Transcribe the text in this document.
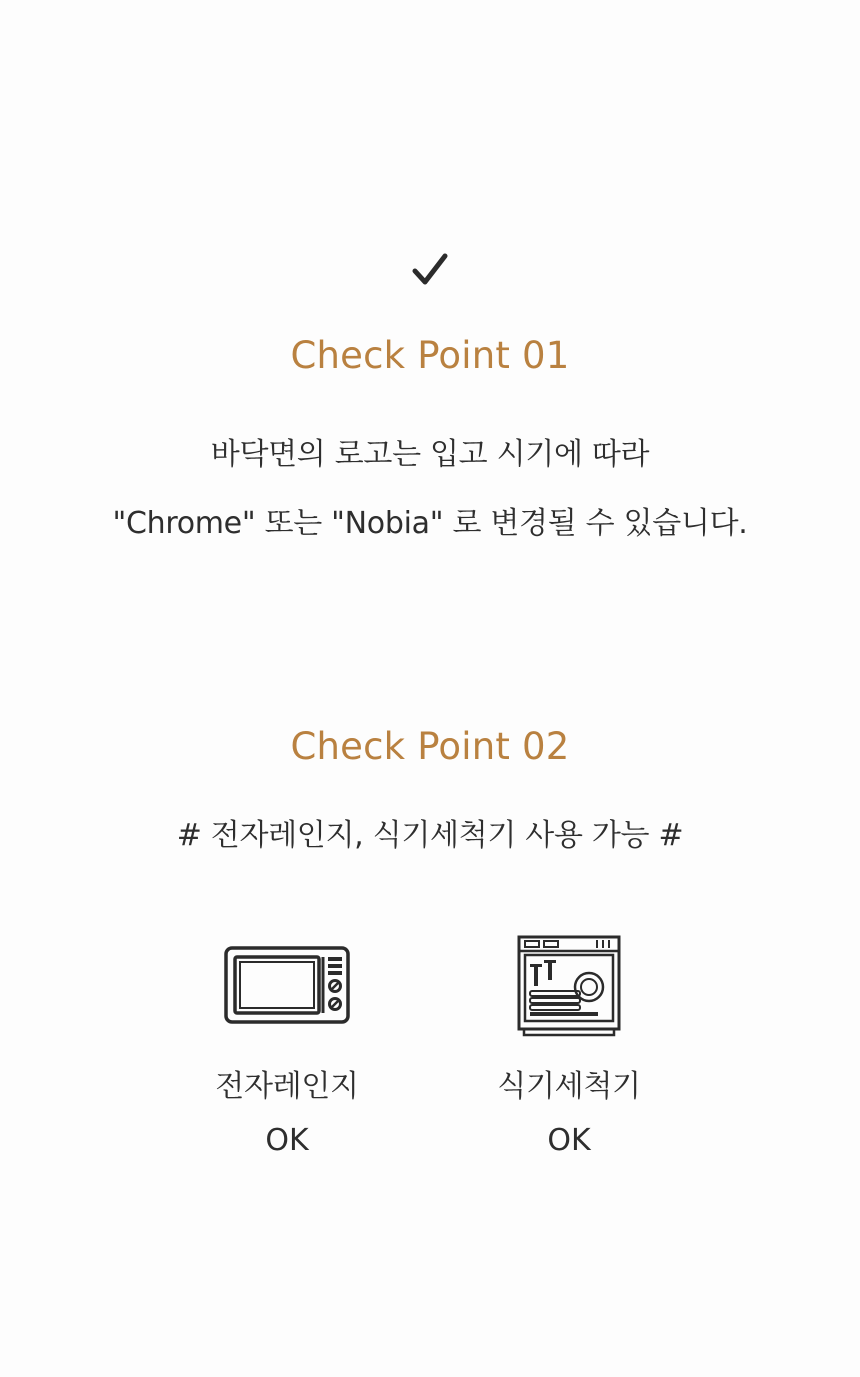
Check Point 01
바닥면의 로고는 입고 시기에 따라
"Chrome" 또는 "Nobia" 로 변경될 수 있습니다.
Check Point 02
# 전자레인지, 식기세척기 사용 가능 #
전자레인지
OK
식기세척기
OK
